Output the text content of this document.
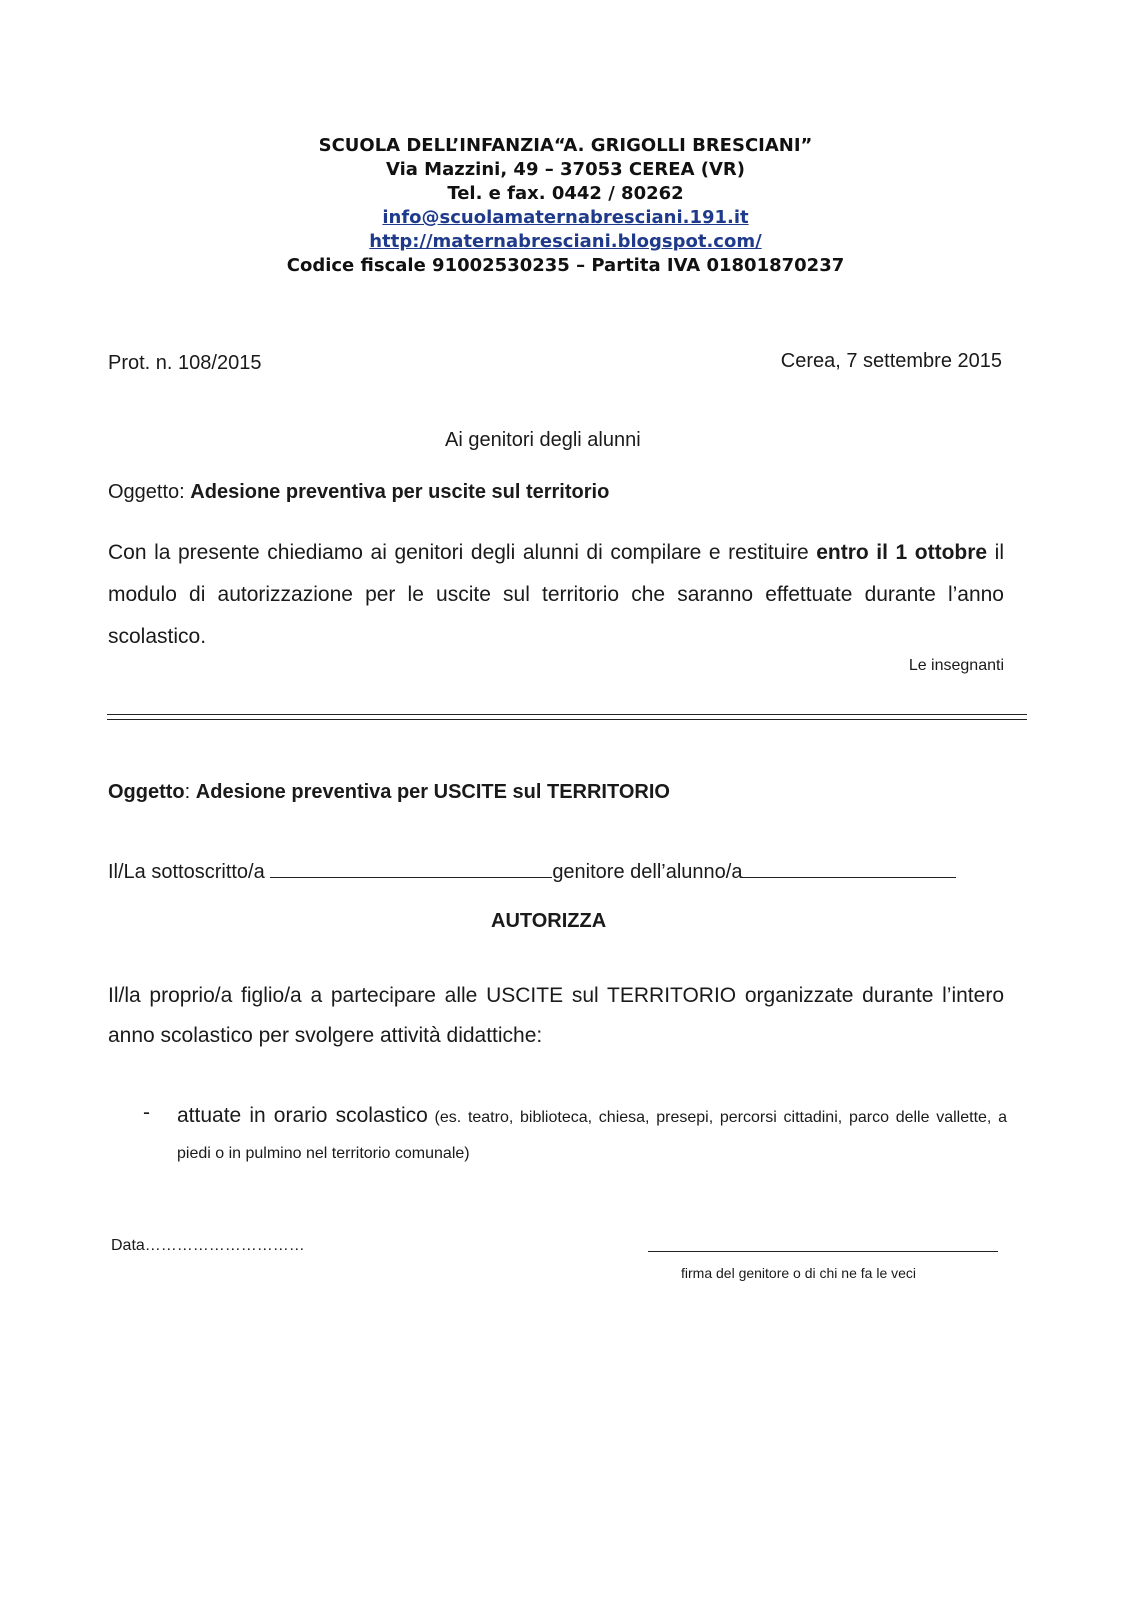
SCUOLA DELL’INFANZIA“A. GRIGOLLI BRESCIANI”
Via Mazzini, 49 – 37053 CEREA (VR)
Tel. e fax. 0442 / 80262
info@scuolamaternabresciani.191.it
http://maternabresciani.blogspot.com/
Codice fiscale 91002530235 – Partita IVA 01801870237
Prot. n. 108/2015	Cerea, 7 settembre 2015
Ai genitori degli alunni
Oggetto: Adesione preventiva per uscite sul territorio
Con la presente chiediamo ai genitori degli alunni di compilare e restituire entro il 1 ottobre il modulo di autorizzazione per le uscite sul territorio che saranno effettuate durante l’anno scolastico.
Le insegnanti
Oggetto: Adesione preventiva per USCITE sul TERRITORIO
Il/La sottoscritto/a	genitore dell’alunno/a
AUTORIZZA
Il/la proprio/a figlio/a a partecipare alle USCITE sul TERRITORIO organizzate durante l’intero anno scolastico per svolgere attività didattiche:
- attuate in orario scolastico (es. teatro, biblioteca, chiesa, presepi, percorsi cittadini, parco delle vallette, a piedi o in pulmino nel territorio comunale)
Data…………………………
firma del genitore o di chi ne fa le veci
